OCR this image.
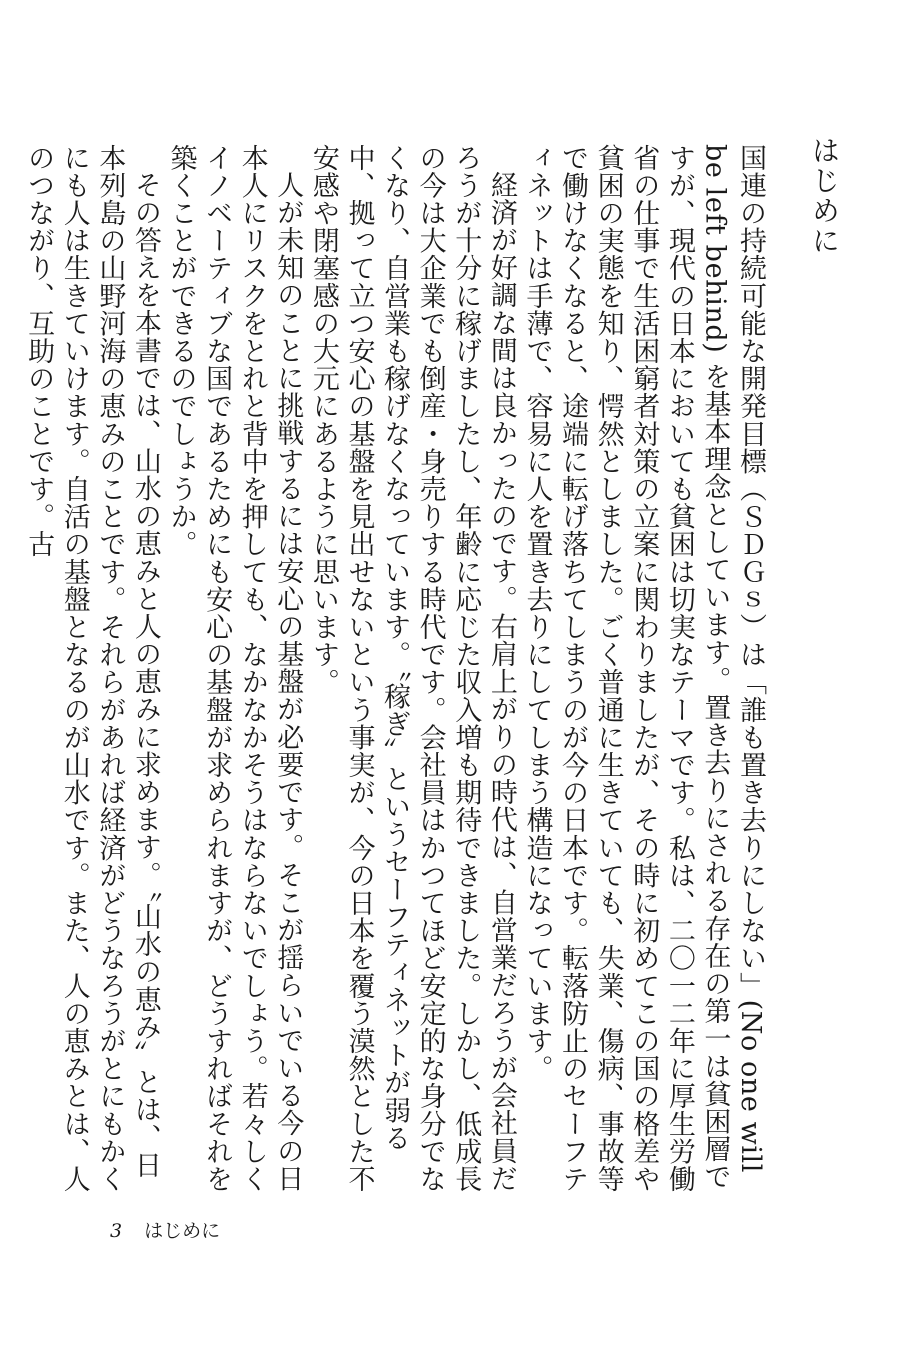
はじめに

国連の持続可能な開発目標（ＳＤＧｓ）は「誰も置き去りにしない」(No one will be left behind) を基本理念としています。置き去りにされる存在の第一は貧困層ですが、現代の日本においても貧困は切実なテーマです。私は、二〇一二年に厚生労働省の仕事で生活困窮者対策の立案に関わりましたが、その時に初めてこの国の格差や貧困の実態を知り、愕然としました。ごく普通に生きていても、失業、傷病、事故等で働けなくなると、途端に転げ落ちてしまうのが今の日本です。転落防止のセーフティネットは手薄で、容易に人を置き去りにしてしまう構造になっています。

経済が好調な間は良かったのです。右肩上がりの時代は、自営業だろうが会社員だろうが十分に稼げましたし、年齢に応じた収入増も期待できました。しかし、低成長の今は大企業でも倒産・身売りする時代です。会社員はかつてほど安定的な身分でなくなり、自営業も稼げなくなっています。〝稼ぎ〟というセーフティネットが弱る中、拠って立つ安心の基盤を見出せないという事実が、今の日本を覆う漠然とした不安感や閉塞感の大元にあるように思います。

人が未知のことに挑戦するには安心の基盤が必要です。そこが揺らいでいる今の日本人にリスクをとれと背中を押しても、なかなかそうはならないでしょう。若々しくイノベーティブな国であるためにも安心の基盤が求められますが、どうすればそれを築くことができるのでしょうか。

その答えを本書では、山水の恵みと人の恵みに求めます。〝山水の恵み〟とは、日本列島の山野河海の恵みのことです。それらがあれば経済がどうなろうがとにもかくにも人は生きていけます。自活の基盤となるのが山水です。また、人の恵みとは、人のつながり、互助のことです。古

3 はじめに
